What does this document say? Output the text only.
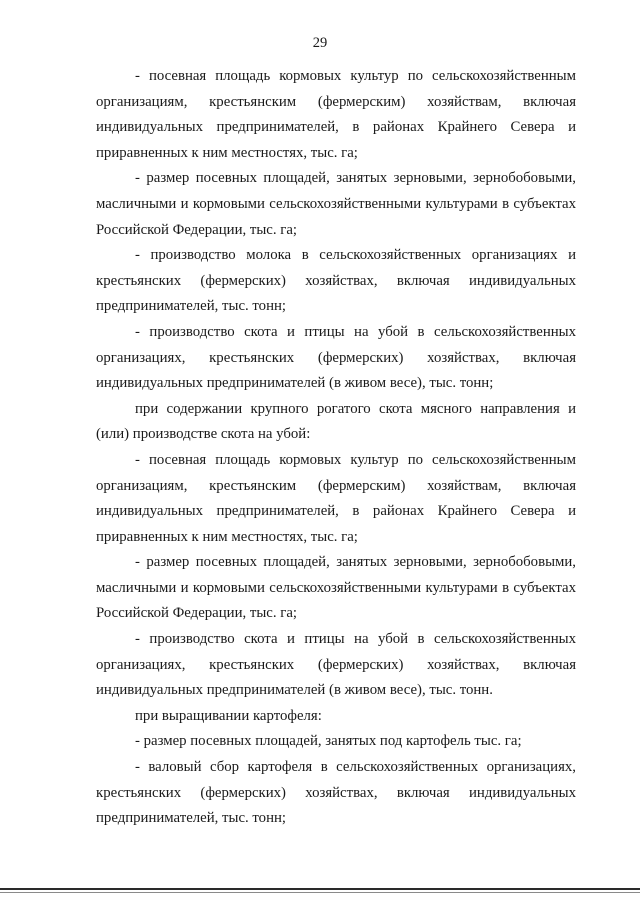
29

- посевная площадь кормовых культур по сельскохозяйственным организациям, крестьянским (фермерским) хозяйствам, включая индивидуальных предпринимателей, в районах Крайнего Севера и приравненных к ним местностях, тыс. га;

- размер посевных площадей, занятых зерновыми, зернобобовыми, масличными и кормовыми сельскохозяйственными культурами в субъектах Российской Федерации, тыс. га;

- производство молока в сельскохозяйственных организациях и крестьянских (фермерских) хозяйствах, включая индивидуальных предпринимателей, тыс. тонн;

- производство скота и птицы на убой в сельскохозяйственных организациях, крестьянских (фермерских) хозяйствах, включая индивидуальных предпринимателей (в живом весе), тыс. тонн;

при содержании крупного рогатого скота мясного направления и (или) производстве скота на убой:

- посевная площадь кормовых культур по сельскохозяйственным организациям, крестьянским (фермерским) хозяйствам, включая индивидуальных предпринимателей, в районах Крайнего Севера и приравненных к ним местностях, тыс. га;

- размер посевных площадей, занятых зерновыми, зернобобовыми, масличными и кормовыми сельскохозяйственными культурами в субъектах Российской Федерации, тыс. га;

- производство скота и птицы на убой в сельскохозяйственных организациях, крестьянских (фермерских) хозяйствах, включая индивидуальных предпринимателей (в живом весе), тыс. тонн.

при выращивании картофеля:

- размер посевных площадей, занятых под картофель тыс. га;

- валовый сбор картофеля в сельскохозяйственных организациях, крестьянских (фермерских) хозяйствах, включая индивидуальных предпринимателей, тыс. тонн;
